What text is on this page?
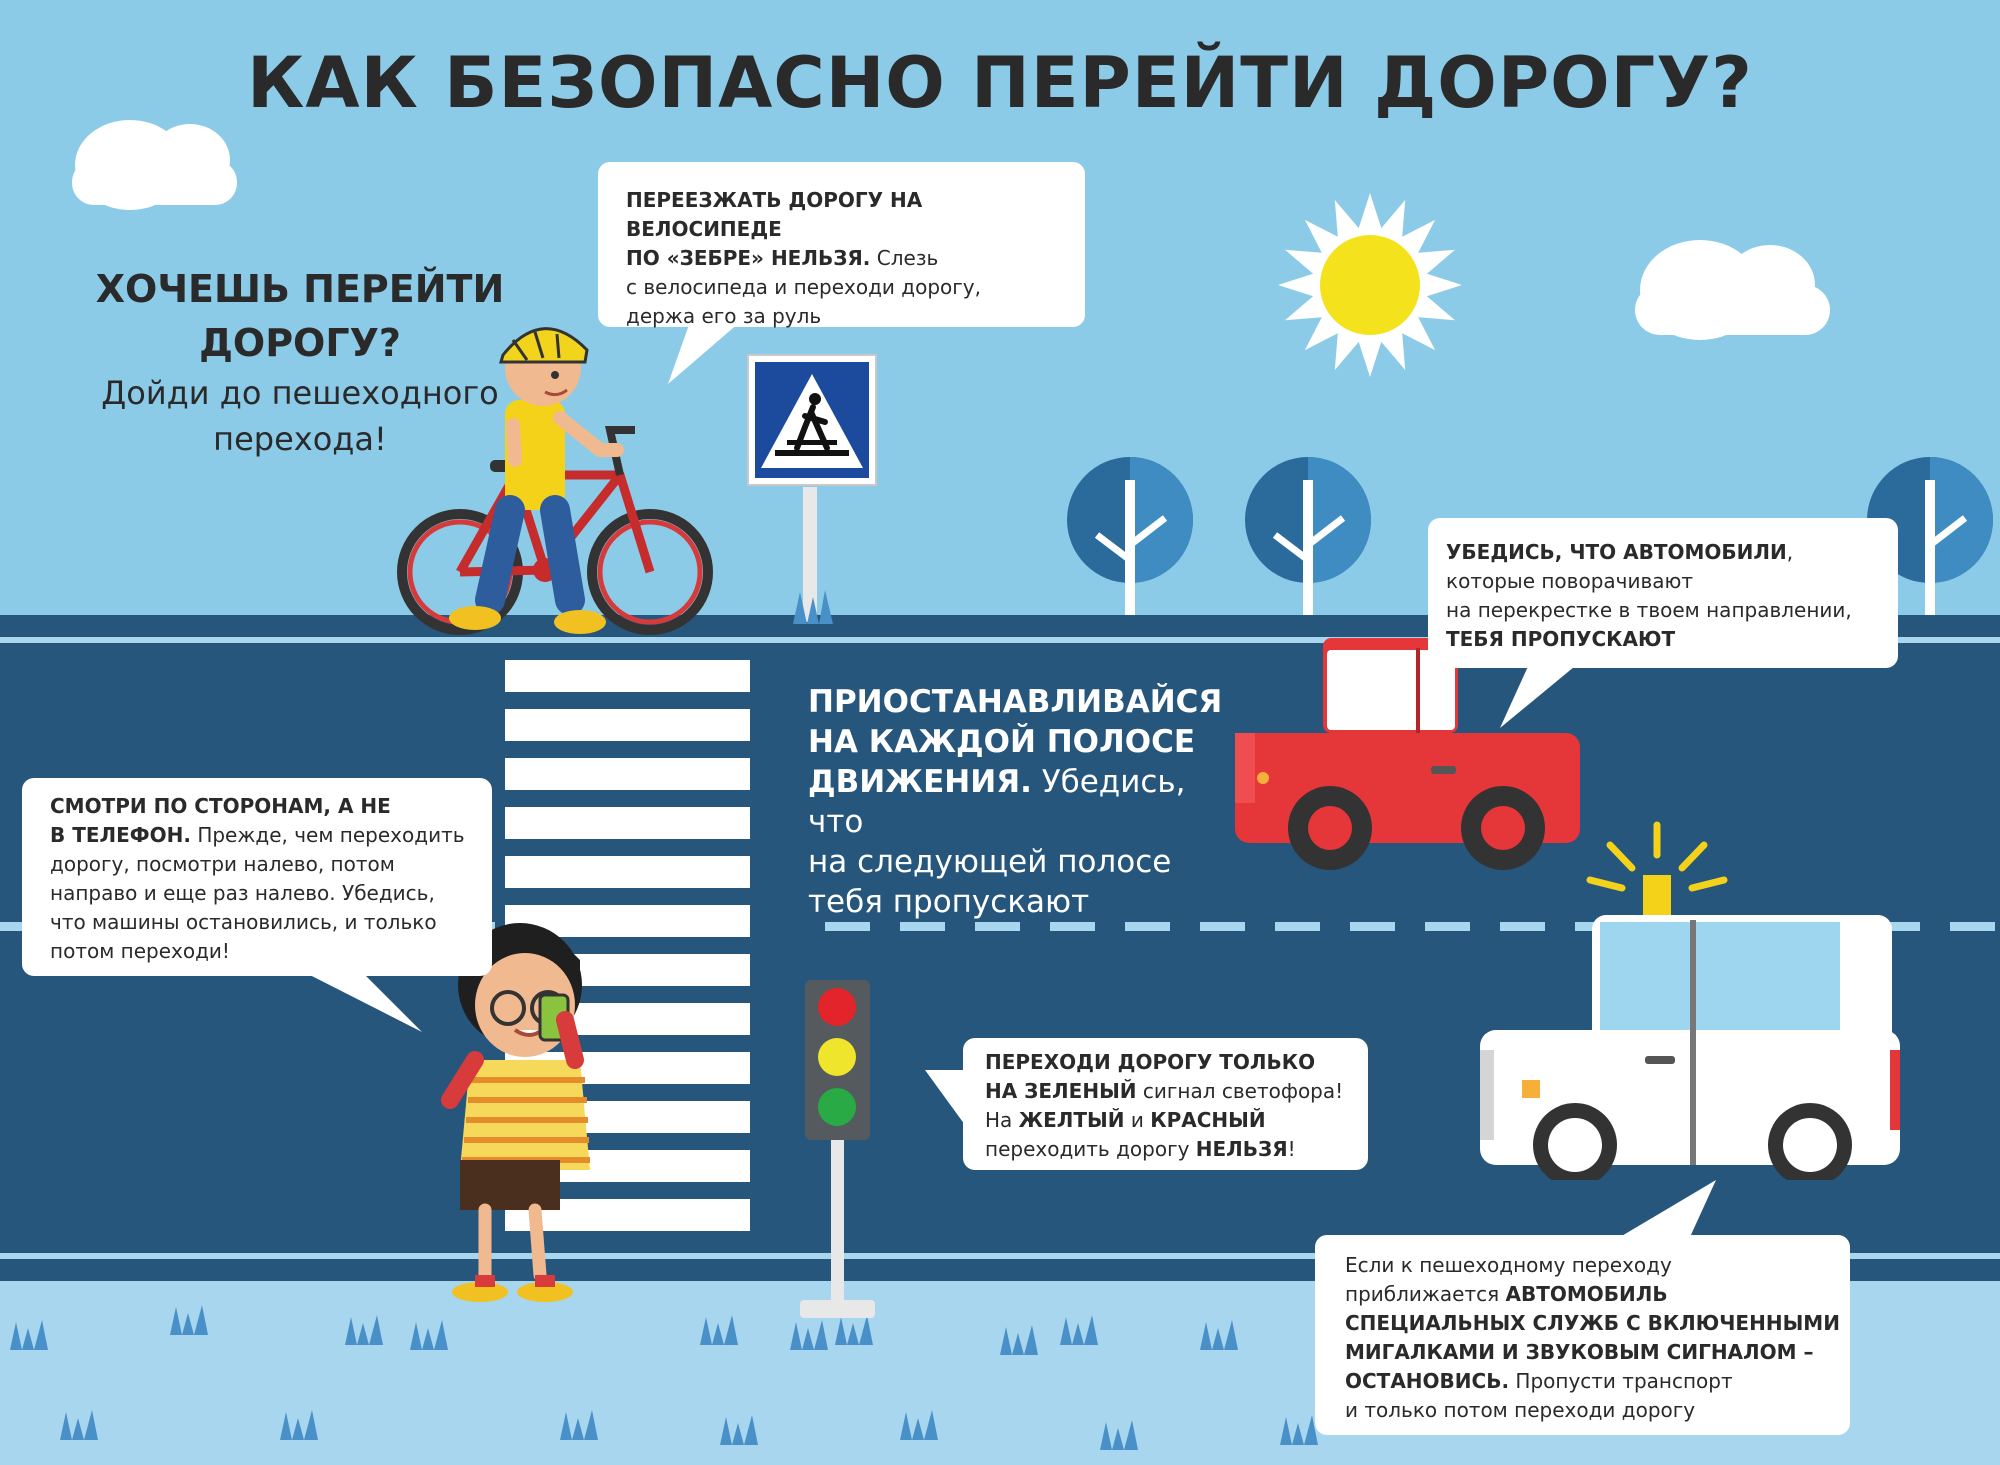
КАК БЕЗОПАСНО ПЕРЕЙТИ ДОРОГУ?
ХОЧЕШЬ ПЕРЕЙТИ
ДОРОГУ?
Дойди до пешеходного
перехода!
ПЕРЕЕЗЖАТЬ ДОРОГУ НА ВЕЛОСИПЕДЕ
ПО «ЗЕБРЕ» НЕЛЬЗЯ. Слезь
с велосипеда и переходи дорогу,
держа его за руль
УБЕДИСЬ, ЧТО АВТОМОБИЛИ,
которые поворачивают
на перекрестке в твоем направлении,
ТЕБЯ ПРОПУСКАЮТ
ПРИОСТАНАВЛИВАЙСЯ
НА КАЖДОЙ ПОЛОСЕ
ДВИЖЕНИЯ. Убедись, что
на следующей полосе
тебя пропускают
СМОТРИ ПО СТОРОНАМ, А НЕ
В ТЕЛЕФОН. Прежде, чем переходить
дорогу, посмотри налево, потом
направо и еще раз налево. Убедись,
что машины остановились, и только
потом переходи!
ПЕРЕХОДИ ДОРОГУ ТОЛЬКО
НА ЗЕЛЕНЫЙ сигнал светофора!
На ЖЕЛТЫЙ и КРАСНЫЙ
переходить дорогу НЕЛЬЗЯ!
Если к пешеходному переходу
приближается АВТОМОБИЛЬ
СПЕЦИАЛЬНЫХ СЛУЖБ С ВКЛЮЧЕННЫМИ
МИГАЛКАМИ И ЗВУКОВЫМ СИГНАЛОМ –
ОСТАНОВИСЬ. Пропусти транспорт
и только потом переходи дорогу
